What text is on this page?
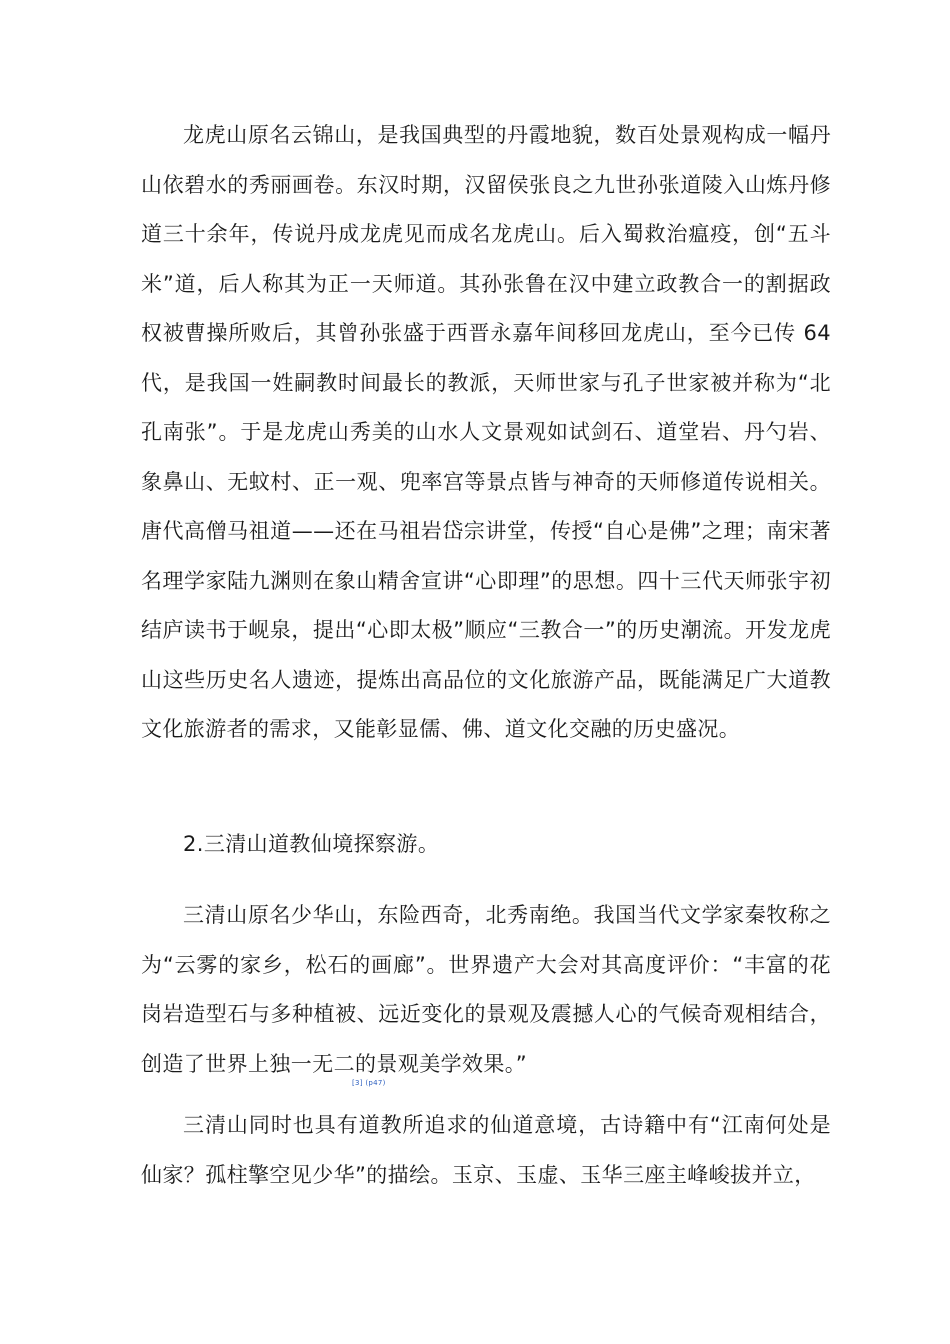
龙虎山原名云锦山，是我国典型的丹霞地貌，数百处景观构成一幅丹山依碧水的秀丽画卷。东汉时期，汉留侯张良之九世孙张道陵入山炼丹修道三十余年，传说丹成龙虎见而成名龙虎山。后入蜀救治瘟疫，创“五斗米”道，后人称其为正一天师道。其孙张鲁在汉中建立政教合一的割据政权被曹操所败后，其曾孙张盛于西晋永嘉年间移回龙虎山，至今已传 64 代，是我国一姓嗣教时间最长的教派，天师世家与孔子世家被并称为“北孔南张”。于是龙虎山秀美的山水人文景观如试剑石、道堂岩、丹勺岩、象鼻山、无蚊村、正一观、兜率宫等景点皆与神奇的天师修道传说相关。唐代高僧马祖道——还在马祖岩岱宗讲堂，传授“自心是佛”之理；南宋著名理学家陆九渊则在象山精舍宣讲“心即理”的思想。四十三代天师张宇初结庐读书于岘泉，提出“心即太极”顺应“三教合一”的历史潮流。开发龙虎山这些历史名人遗迹，提炼出高品位的文化旅游产品，既能满足广大道教文化旅游者的需求，又能彰显儒、佛、道文化交融的历史盛况。

2.三清山道教仙境探察游。

三清山原名少华山，东险西奇，北秀南绝。我国当代文学家秦牧称之为“云雾的家乡，松石的画廊”。世界遗产大会对其高度评价：“丰富的花岗岩造型石与多种植被、远近变化的景观及震撼人心的气候奇观相结合，创造了世界上独一无二的景观美学效果。”

[3] (p47)

三清山同时也具有道教所追求的仙道意境，古诗籍中有“江南何处是仙家？孤柱擎空见少华”的描绘。玉京、玉虚、玉华三座主峰峻拔并立，
